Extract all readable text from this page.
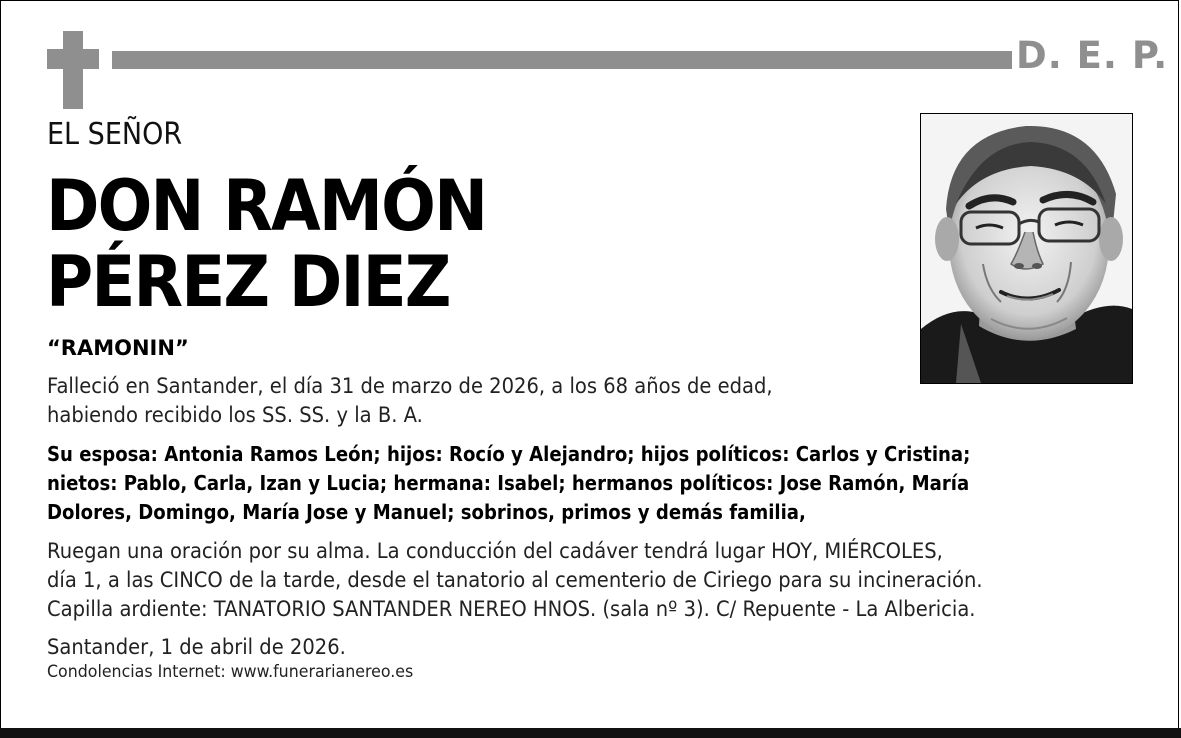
D. E. P.
EL SEÑOR
DON RAMÓN
PÉREZ DIEZ
“RAMONIN”
Falleció en Santander, el día 31 de marzo de 2026, a los 68 años de edad,
habiendo recibido los SS. SS. y la B. A.
Su esposa: Antonia Ramos León; hijos: Rocío y Alejandro; hijos políticos: Carlos y Cristina;
nietos: Pablo, Carla, Izan y Lucia; hermana: Isabel; hermanos políticos: Jose Ramón, María
Dolores, Domingo, María Jose y Manuel; sobrinos, primos y demás familia,
Ruegan una oración por su alma. La conducción del cadáver tendrá lugar HOY, MIÉRCOLES,
día 1, a las CINCO de la tarde, desde el tanatorio al cementerio de Ciriego para su incineración.
Capilla ardiente: TANATORIO SANTANDER NEREO HNOS. (sala nº 3). C/ Repuente - La Albericia.
Santander, 1 de abril de 2026.
Condolencias Internet: www.funerarianereo.es
